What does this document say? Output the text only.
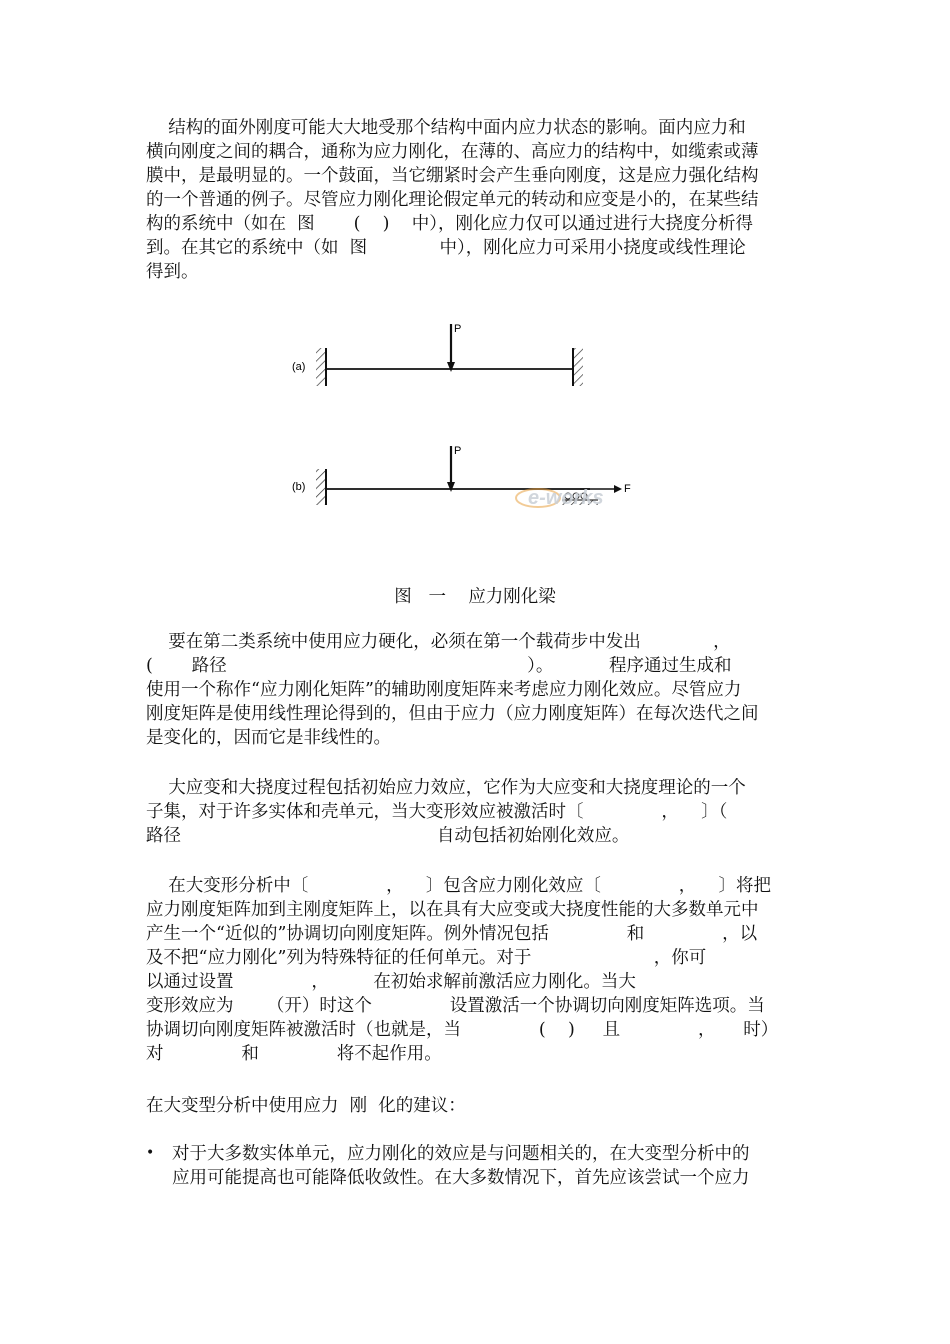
结构的面外刚度可能大大地受那个结构中面内应力状态的影响。面内应力和
横向刚度之间的耦合，通称为应力刚化，在薄的、高应力的结构中，如缆索或薄
膜中，是最明显的。一个鼓面，当它绷紧时会产生垂向刚度，这是应力强化结构
的一个普通的例子。尽管应力刚化理论假定单元的转动和应变是小的，在某些结
构的系统中（如在  图       (    )    中），刚化应力仅可以通过进行大挠度分析得
到。在其它的系统中（如  图             中），刚化应力可采用小挠度或线性理论
得到。
(a)
P
(b)
P
F
e-works
图   一    应力刚化梁
要在第二类系统中使用应力硬化，必须在第一个载荷步中发出             ，
(       路径                                                      ）。          程序通过生成和
使用一个称作“应力刚化矩阵”的辅助刚度矩阵来考虑应力刚化效应。尽管应力
刚度矩阵是使用线性理论得到的，但由于应力（应力刚度矩阵）在每次迭代之间
是变化的，因而它是非线性的。
大应变和大挠度过程包括初始应力效应，它作为大应变和大挠度理论的一个
子集，对于许多实体和壳单元，当大变形效应被激活时〔              ，    〕（
路径                                              自动包括初始刚化效应。
在大变形分析中〔              ，    〕包含应力刚化效应〔              ，    〕将把
应力刚度矩阵加到主刚度矩阵上，以在具有大应变或大挠度性能的大多数单元中
产生一个“近似的”协调切向刚度矩阵。例外情况包括              和              ，以
及不把“应力刚化”列为特殊特征的任何单元。对于                      ，你可
以通过设置              ，        在初始求解前激活应力刚化。当大
变形效应为      （开）时这个              设置激活一个协调切向刚度矩阵选项。当
协调切向刚度矩阵被激活时（也就是，当              (    )     且              ，     时）
对              和              将不起作用。
在大变型分析中使用应力  刚  化的建议：
• 对于大多数实体单元，应力刚化的效应是与问题相关的，在大变型分析中的
应用可能提高也可能降低收敛性。在大多数情况下，首先应该尝试一个应力
